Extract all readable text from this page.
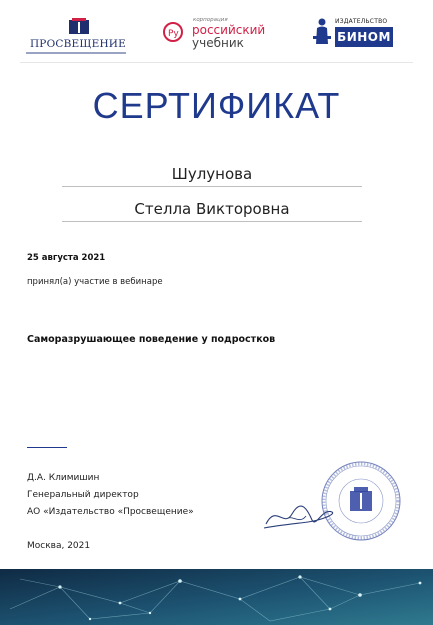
ПРОСВЕЩЕНИЕ
Ру
корпорация
российский
учебник
ИЗДАТЕЛЬСТВО
БИНОМ
СЕРТИФИКАТ
Шулунова
Стелла Викторовна
25 августа 2021
принял(а) участие в вебинаре
Саморазрушающее поведение у подростков
Д.А. Климишин
Генеральный директор
АО «Издательство «Просвещение»
Москва, 2021
